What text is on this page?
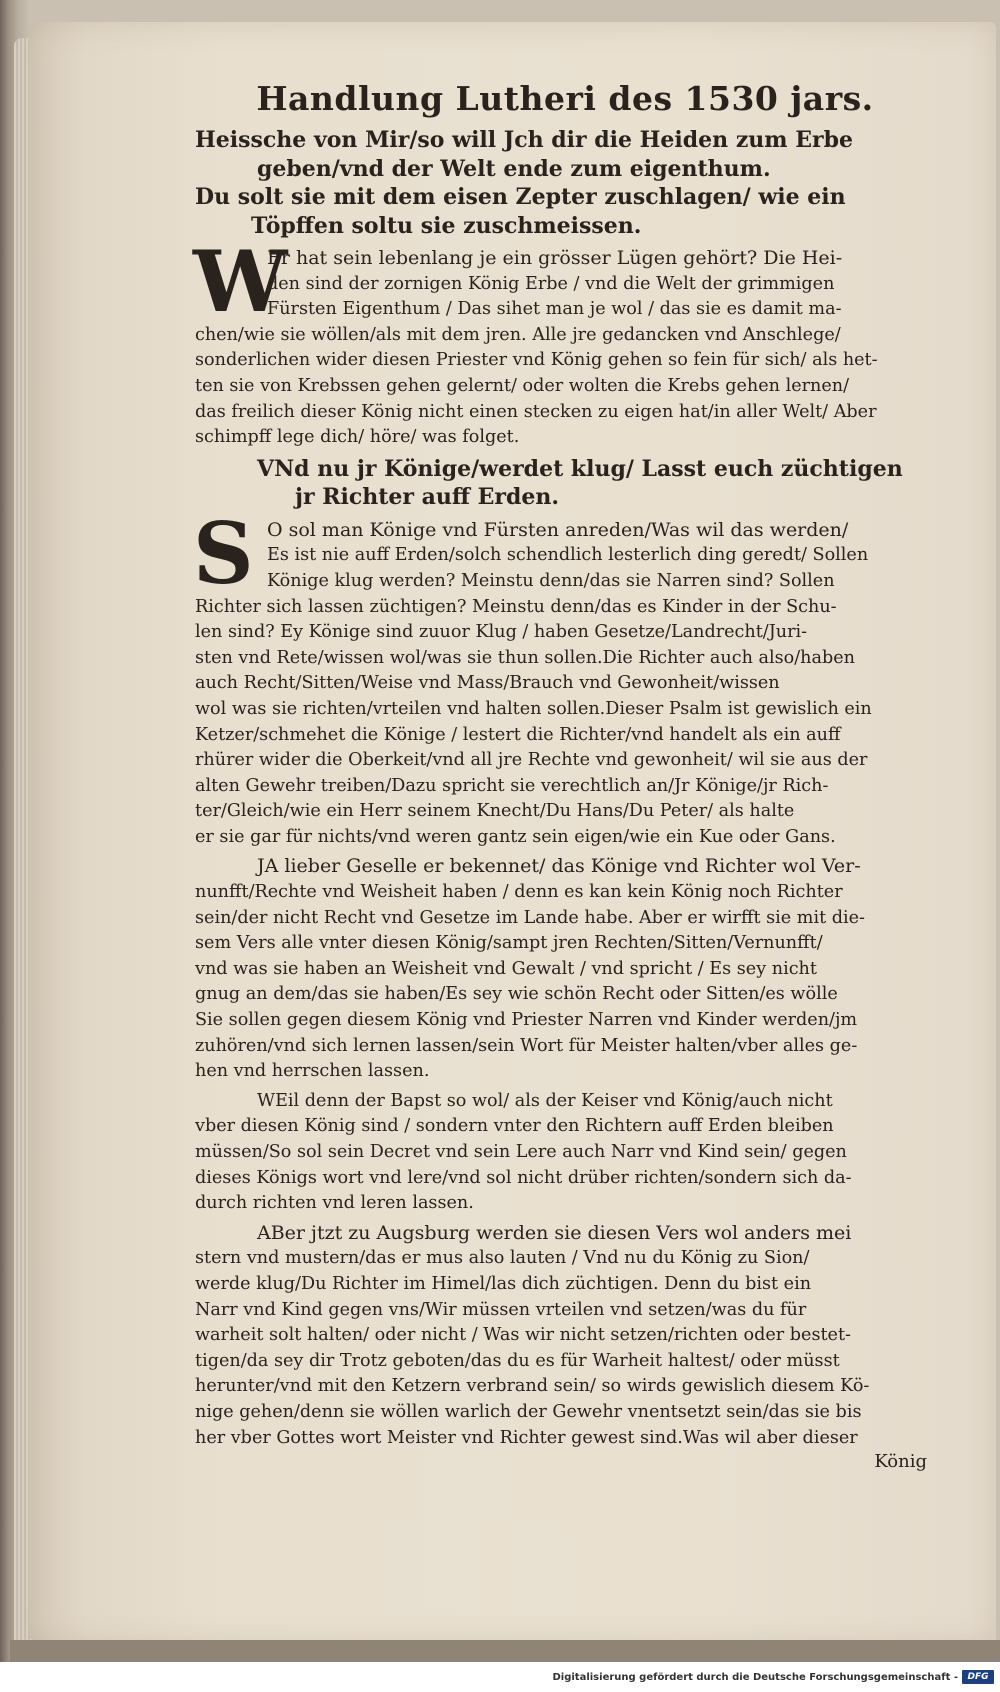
Handlung Lutheri des 1530 jars.
Heissche von Mir/so will Jch dir die Heiden zum Erbe
geben/vnd der Welt ende zum eigenthum.
Du solt sie mit dem eisen Zepter zuschlagen/ wie ein
Töpffen soltu sie zuschmeissen.
W
Er hat sein lebenlang je ein grösser Lügen gehört? Die Hei-
den sind der zornigen König Erbe / vnd die Welt der grimmigen
Fürsten Eigenthum / Das sihet man je wol / das sie es damit ma-
chen/wie sie wöllen/als mit dem jren. Alle jre gedancken vnd Anschlege/
sonderlichen wider diesen Priester vnd König gehen so fein für sich/ als het-
ten sie von Krebssen gehen gelernt/ oder wolten die Krebs gehen lernen/
das freilich dieser König nicht einen stecken zu eigen hat/in aller Welt/ Aber
schimpff lege dich/ höre/ was folget.
VNd nu jr Könige/werdet klug/ Lasst euch züchtigen
jr Richter auff Erden.
S O sol man Könige vnd Fürsten anreden/Was wil das werden/
Es ist nie auff Erden/solch schendlich lesterlich ding geredt/ Sollen
Könige klug werden? Meinstu denn/das sie Narren sind? Sollen
Richter sich lassen züchtigen? Meinstu denn/das es Kinder in der Schu-
len sind? Ey Könige sind zuuor Klug / haben Gesetze/Landrecht/Juri-
sten vnd Rete/wissen wol/was sie thun sollen.Die Richter auch also/haben
auch Recht/Sitten/Weise vnd Mass/Brauch vnd Gewonheit/wissen
wol was sie richten/vrteilen vnd halten sollen.Dieser Psalm ist gewislich ein
Ketzer/schmehet die Könige / lestert die Richter/vnd handelt als ein auff
rhürer wider die Oberkeit/vnd all jre Rechte vnd gewonheit/ wil sie aus der
alten Gewehr treiben/Dazu spricht sie verechtlich an/Jr Könige/jr Rich-
ter/Gleich/wie ein Herr seinem Knecht/Du Hans/Du Peter/ als halte
er sie gar für nichts/vnd weren gantz sein eigen/wie ein Kue oder Gans.
JA lieber Geselle er bekennet/ das Könige vnd Richter wol Ver-
nunfft/Rechte vnd Weisheit haben / denn es kan kein König noch Richter
sein/der nicht Recht vnd Gesetze im Lande habe. Aber er wirfft sie mit die-
sem Vers alle vnter diesen König/sampt jren Rechten/Sitten/Vernunfft/
vnd was sie haben an Weisheit vnd Gewalt / vnd spricht / Es sey nicht
gnug an dem/das sie haben/Es sey wie schön Recht oder Sitten/es wölle
Sie sollen gegen diesem König vnd Priester Narren vnd Kinder werden/jm
zuhören/vnd sich lernen lassen/sein Wort für Meister halten/vber alles ge-
hen vnd herrschen lassen.
WEil denn der Bapst so wol/ als der Keiser vnd König/auch nicht
vber diesen König sind / sondern vnter den Richtern auff Erden bleiben
müssen/So sol sein Decret vnd sein Lere auch Narr vnd Kind sein/ gegen
dieses Königs wort vnd lere/vnd sol nicht drüber richten/sondern sich da-
durch richten vnd leren lassen.
ABer jtzt zu Augsburg werden sie diesen Vers wol anders mei
stern vnd mustern/das er mus also lauten / Vnd nu du König zu Sion/
werde klug/Du Richter im Himel/las dich züchtigen. Denn du bist ein
Narr vnd Kind gegen vns/Wir müssen vrteilen vnd setzen/was du für
warheit solt halten/ oder nicht / Was wir nicht setzen/richten oder bestet-
tigen/da sey dir Trotz geboten/das du es für Warheit haltest/ oder müsst
herunter/vnd mit den Ketzern verbrand sein/ so wirds gewislich diesem Kö-
nige gehen/denn sie wöllen warlich der Gewehr vnentsetzt sein/das sie bis
her vber Gottes wort Meister vnd Richter gewest sind.Was wil aber dieser
König
Digitalisierung gefördert durch die Deutsche Forschungsgemeinschaft -	DFG
